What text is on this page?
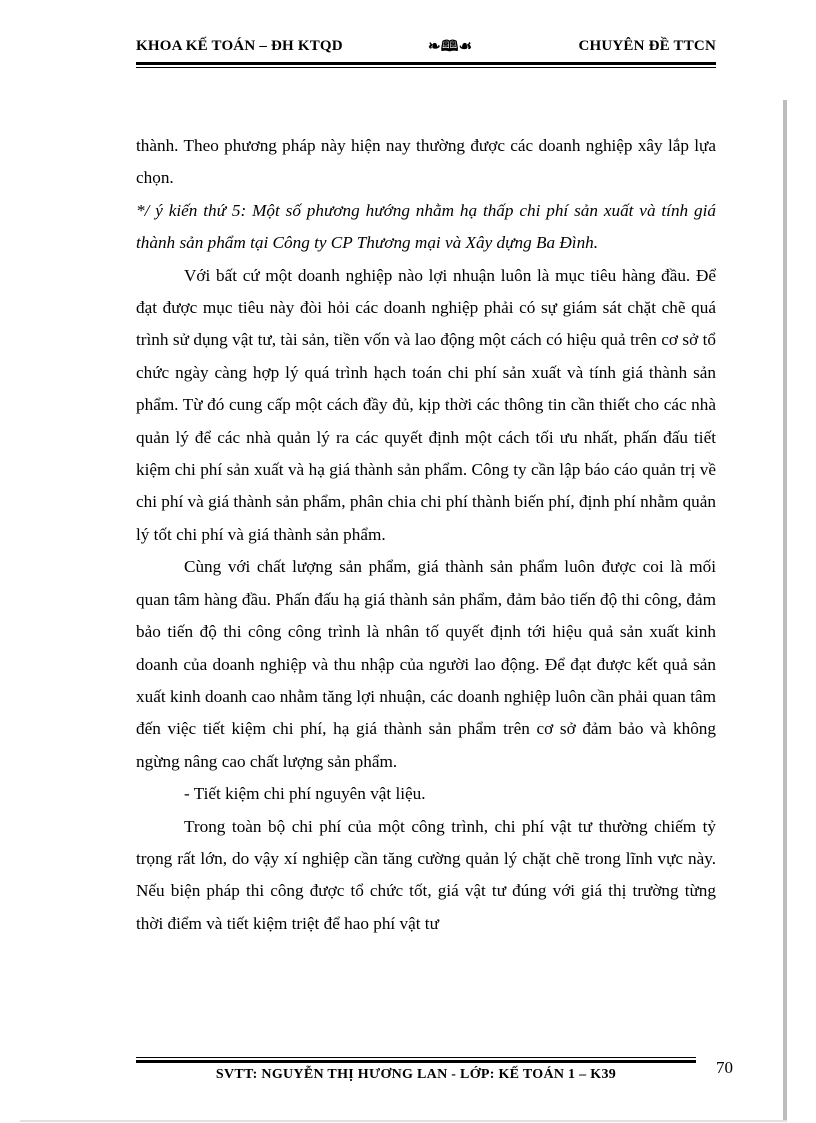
KHOA KẾ TOÁN – ĐH KTQD	❧🕮☙	CHUYÊN ĐỀ TTCN

thành. Theo phương pháp này hiện nay thường được các doanh nghiệp xây lắp lựa chọn.

*/ ý kiến thứ 5: Một số phương hướng nhằm hạ thấp chi phí sản xuất và tính giá thành sản phẩm tại Công ty CP Thương mại và Xây dựng Ba Đình.

Với bất cứ một doanh nghiệp nào lợi nhuận luôn là mục tiêu hàng đầu. Để đạt được mục tiêu này đòi hỏi các doanh nghiệp phải có sự giám sát chặt chẽ quá trình sử dụng vật tư, tài sản, tiền vốn và lao động một cách có hiệu quả trên cơ sở tổ chức ngày càng hợp lý quá trình hạch toán chi phí sản xuất và tính giá thành sản phẩm. Từ đó cung cấp một cách đầy đủ, kịp thời các thông tin cần thiết cho các nhà quản lý để các nhà quản lý ra các quyết định một cách tối ưu nhất, phấn đấu tiết kiệm chi phí sản xuất và hạ giá thành sản phẩm. Công ty cần lập báo cáo quản trị về chi phí và giá thành sản phẩm, phân chia chi phí thành biến phí, định phí nhằm quản lý tốt chi phí và giá thành sản phẩm.

Cùng với chất lượng sản phẩm, giá thành sản phẩm luôn được coi là mối quan tâm hàng đầu. Phấn đấu hạ giá thành sản phẩm, đảm bảo tiến độ thi công, đảm bảo tiến độ thi công công trình là nhân tố quyết định tới hiệu quả sản xuất kinh doanh của doanh nghiệp và thu nhập của người lao động. Để đạt được kết quả sản xuất kinh doanh cao nhằm tăng lợi nhuận, các doanh nghiệp luôn cần phải quan tâm đến việc tiết kiệm chi phí, hạ giá thành sản phẩm trên cơ sở đảm bảo và không ngừng nâng cao chất lượng sản phẩm.

- Tiết kiệm chi phí nguyên vật liệu.

Trong toàn bộ chi phí của một công trình, chi phí vật tư thường chiếm tỷ trọng rất lớn, do vậy xí nghiệp cần tăng cường quản lý chặt chẽ trong lĩnh vực này. Nếu biện pháp thi công được tổ chức tốt, giá vật tư đúng với giá thị trường từng thời điểm và tiết kiệm triệt để hao phí vật tư

SVTT: NGUYỄN THỊ HƯƠNG LAN - LỚP: KẾ TOÁN 1 – K39	70
